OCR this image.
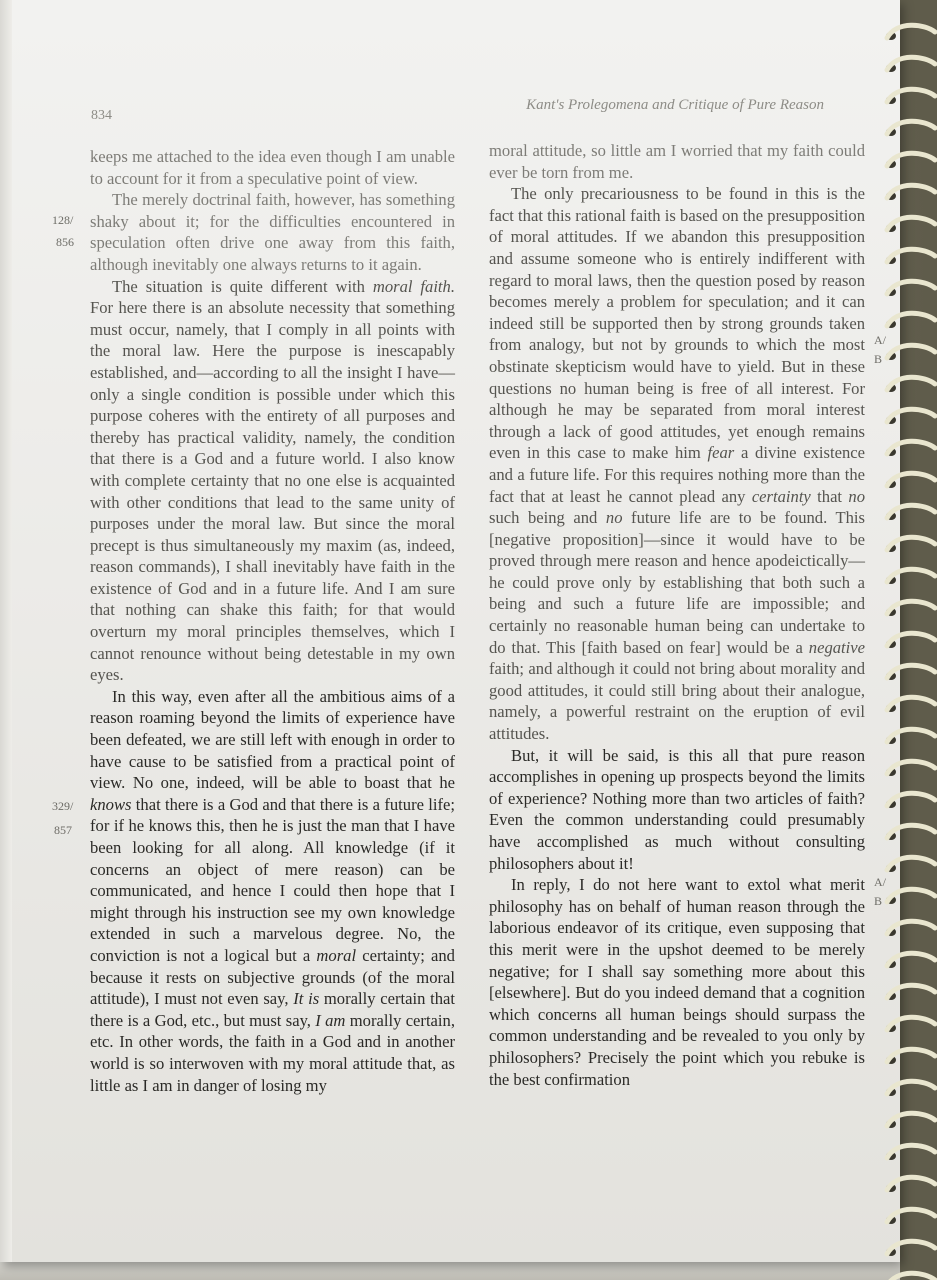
834
Kant's Prolegomena and Critique of Pure Reason
128/
856
329/
857
A/
B
A/
B

keeps me attached to the idea even though I am unable to account for it from a speculative point of view.

The merely doctrinal faith, however, has something shaky about it; for the difficulties encountered in speculation often drive one away from this faith, although inevitably one always returns to it again.

The situation is quite different with moral faith. For here there is an absolute necessity that something must occur, namely, that I comply in all points with the moral law. Here the purpose is inescapably established, and—according to all the insight I have—only a single condition is possible under which this purpose coheres with the entirety of all purposes and thereby has practical validity, namely, the condition that there is a God and a future world. I also know with complete certainty that no one else is acquainted with other conditions that lead to the same unity of purposes under the moral law. But since the moral precept is thus simultaneously my maxim (as, indeed, reason commands), I shall inevitably have faith in the existence of God and in a future life. And I am sure that nothing can shake this faith; for that would overturn my moral principles themselves, which I cannot renounce without being detestable in my own eyes.

In this way, even after all the ambitious aims of a reason roaming beyond the limits of experience have been defeated, we are still left with enough in order to have cause to be satisfied from a practical point of view. No one, indeed, will be able to boast that he knows that there is a God and that there is a future life; for if he knows this, then he is just the man that I have been looking for all along. All knowledge (if it concerns an object of mere reason) can be communicated, and hence I could then hope that I might through his instruction see my own knowledge extended in such a marvelous degree. No, the conviction is not a logical but a moral certainty; and because it rests on subjective grounds (of the moral attitude), I must not even say, It is morally certain that there is a God, etc., but must say, I am morally certain, etc. In other words, the faith in a God and in another world is so interwoven with my moral attitude that, as little as I am in danger of losing my

moral attitude, so little am I worried that my faith could ever be torn from me.

The only precariousness to be found in this is the fact that this rational faith is based on the presupposition of moral attitudes. If we abandon this presupposition and assume someone who is entirely indifferent with regard to moral laws, then the question posed by reason becomes merely a problem for speculation; and it can indeed still be supported then by strong grounds taken from analogy, but not by grounds to which the most obstinate skepticism would have to yield. But in these questions no human being is free of all interest. For although he may be separated from moral interest through a lack of good attitudes, yet enough remains even in this case to make him fear a divine existence and a future life. For this requires nothing more than the fact that at least he cannot plead any certainty that no such being and no future life are to be found. This [negative proposition]—since it would have to be proved through mere reason and hence apodeictically—he could prove only by establishing that both such a being and such a future life are impossible; and certainly no reasonable human being can undertake to do that. This [faith based on fear] would be a negative faith; and although it could not bring about morality and good attitudes, it could still bring about their analogue, namely, a powerful restraint on the eruption of evil attitudes.

But, it will be said, is this all that pure reason accomplishes in opening up prospects beyond the limits of experience? Nothing more than two articles of faith? Even the common understanding could presumably have accomplished as much without consulting philosophers about it!

In reply, I do not here want to extol what merit philosophy has on behalf of human reason through the laborious endeavor of its critique, even supposing that this merit were in the upshot deemed to be merely negative; for I shall say something more about this [elsewhere]. But do you indeed demand that a cognition which concerns all human beings should surpass the common understanding and be revealed to you only by philosophers? Precisely the point which you rebuke is the best confirmation
